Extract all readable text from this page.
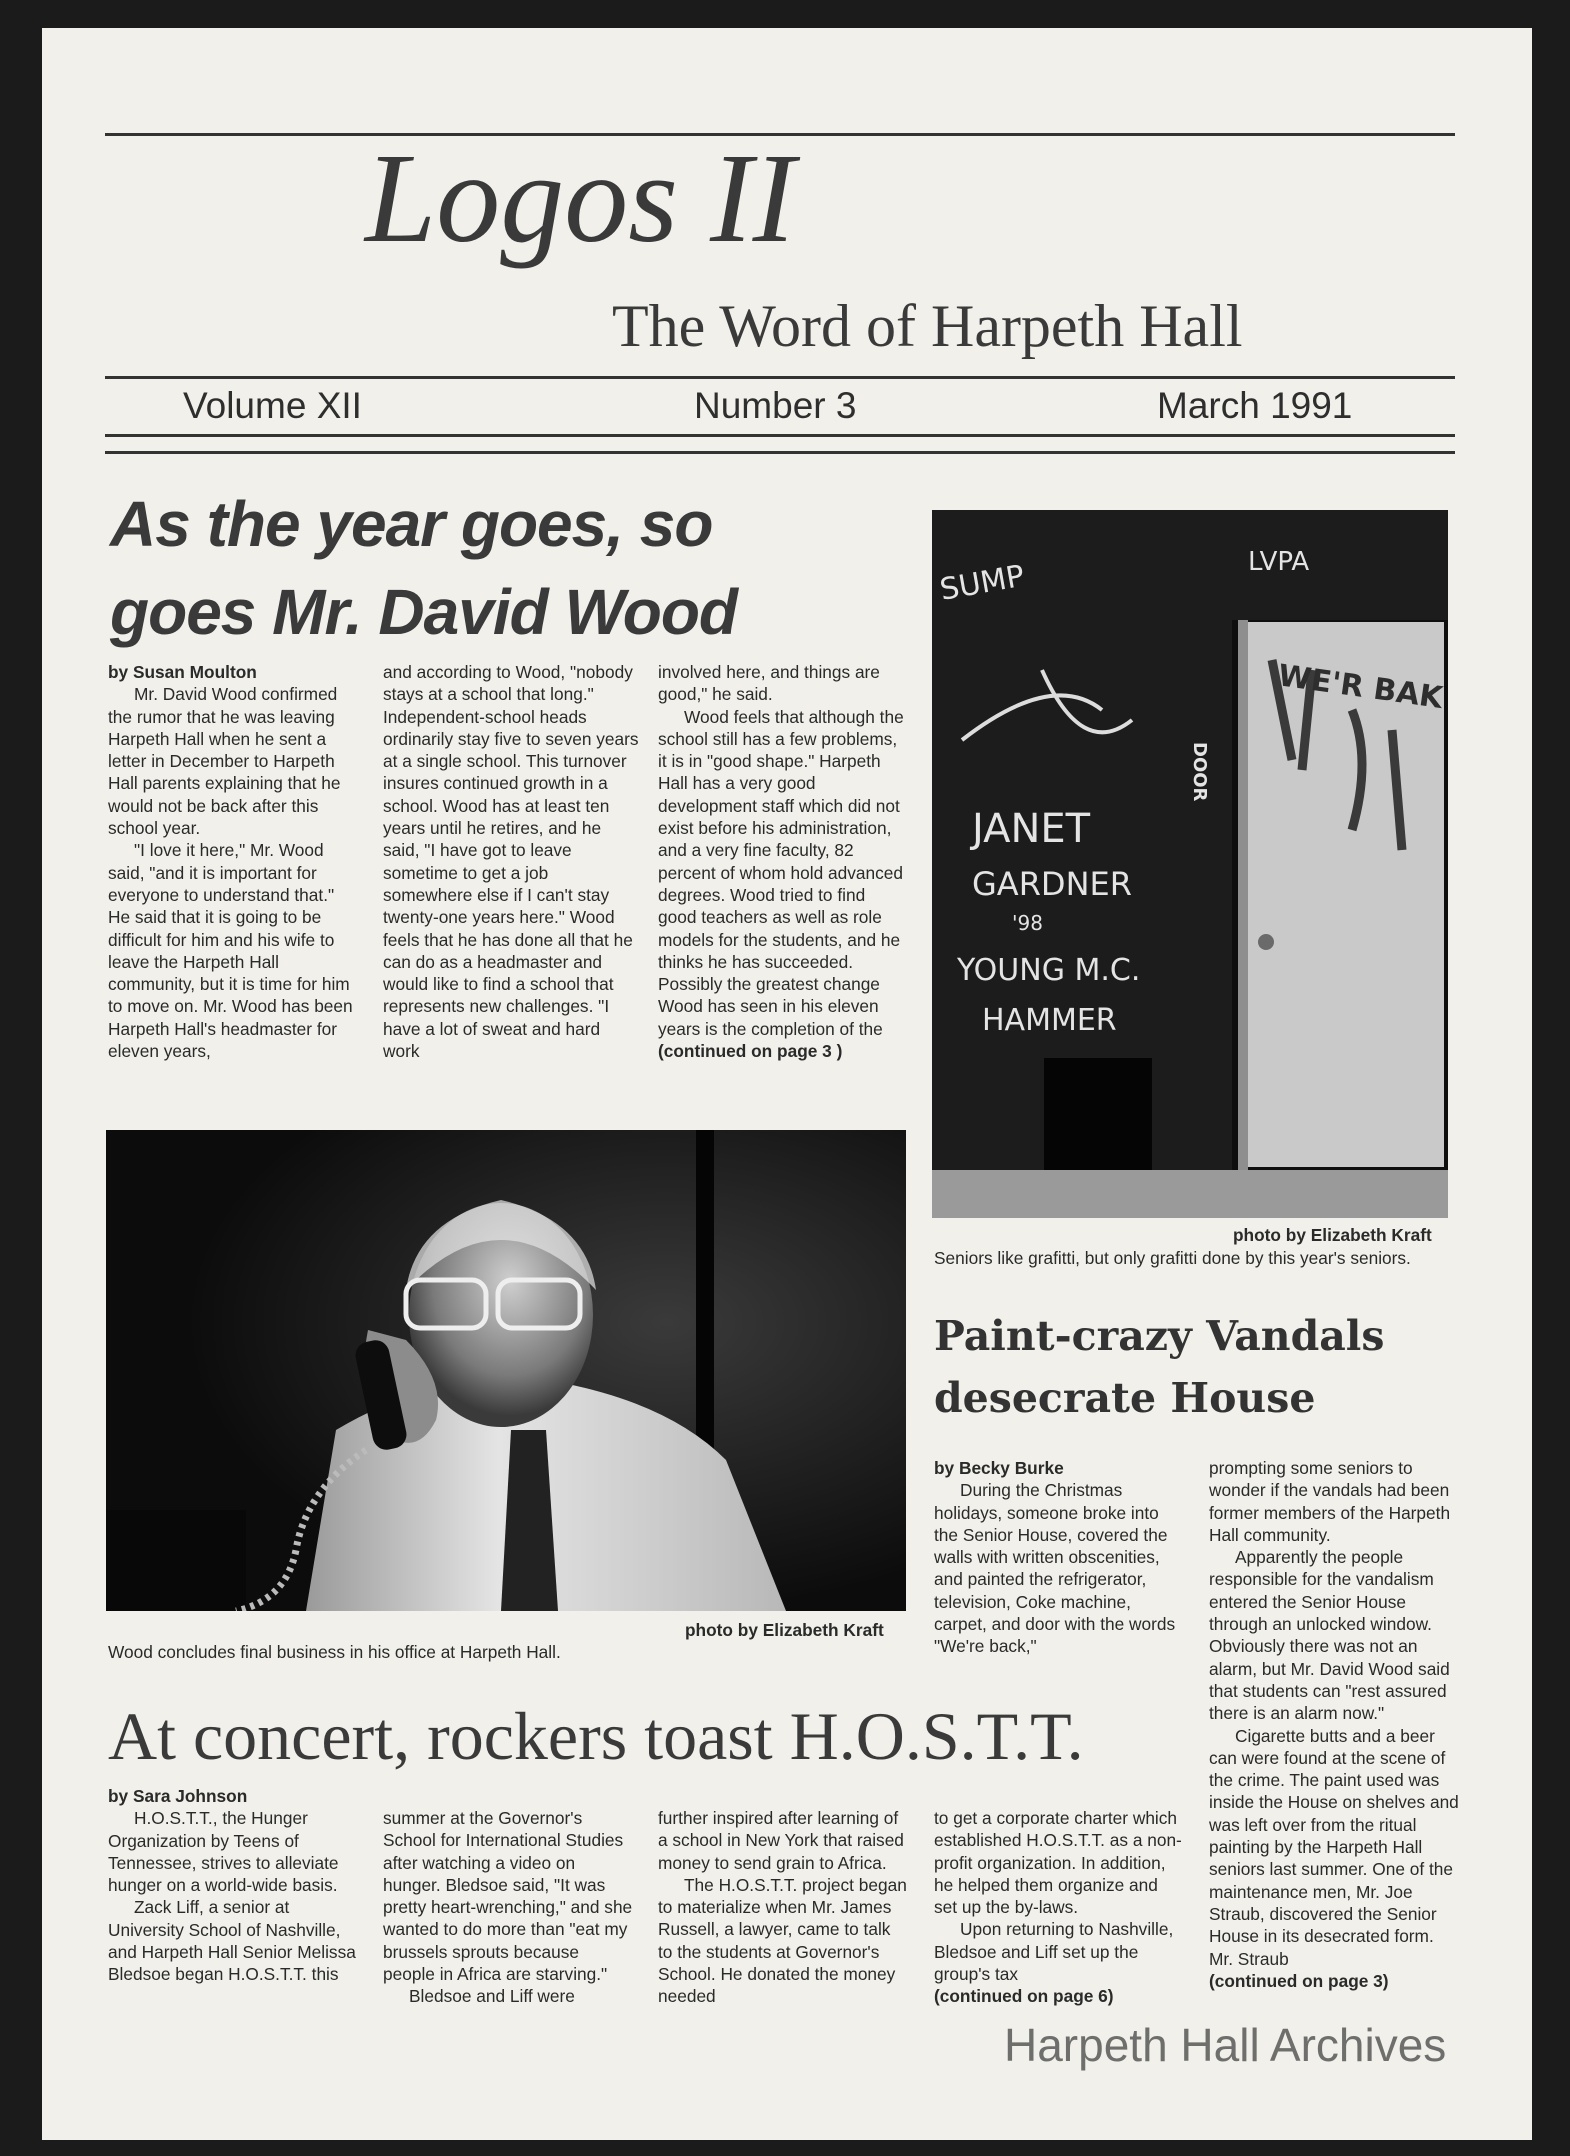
Logos II
The Word of Harpeth Hall
Volume XII	Number 3	March 1991
As the year goes, so
goes Mr. David Wood

by Susan Moulton

Mr. David Wood confirmed the rumor that he was leaving Harpeth Hall when he sent a letter in December to Harpeth Hall parents explaining that he would not be back after this school year.

"I love it here," Mr. Wood said, "and it is important for everyone to understand that." He said that it is going to be difficult for him and his wife to leave the Harpeth Hall community, but it is time for him to move on. Mr. Wood has been Harpeth Hall's headmaster for eleven years,

and according to Wood, "nobody stays at a school that long." Independent-school heads ordinarily stay five to seven years at a single school. This turnover insures continued growth in a school. Wood has at least ten years until he retires, and he said, "I have got to leave sometime to get a job somewhere else if I can't stay twenty-one years here." Wood feels that he has done all that he can do as a headmaster and would like to find a school that represents new challenges. "I have a lot of sweat and hard work

involved here, and things are good," he said.

Wood feels that although the school still has a few problems, it is in "good shape." Harpeth Hall has a very good development staff which did not exist before his administration, and a very fine faculty, 82 percent of whom hold advanced degrees. Wood tried to find good teachers as well as role models for the students, and he thinks he has succeeded. Possibly the greatest change Wood has seen in his eleven years is the completion of the

(continued on page 3 )

photo by Elizabeth Kraft
Wood concludes final business in his office at Harpeth Hall.
SUMP
JANET
GARDNER
'98
YOUNG M.C.
HAMMER
LVPA
WE'R BAK
DOOR
photo by Elizabeth Kraft
Seniors like grafitti, but only grafitti done by this year's seniors.
Paint-crazy Vandals
desecrate House

by Becky Burke

During the Christmas holidays, someone broke into the Senior House, covered the walls with written obscenities, and painted the refrigerator, television, Coke machine, carpet, and door with the words "We're back,"

prompting some seniors to wonder if the vandals had been former members of the Harpeth Hall community.

Apparently the people responsible for the vandalism entered the Senior House through an unlocked window. Obviously there was not an alarm, but Mr. David Wood said that students can "rest assured there is an alarm now."

Cigarette butts and a beer can were found at the scene of the crime. The paint used was inside the House on shelves and was left over from the ritual painting by the Harpeth Hall seniors last summer. One of the maintenance men, Mr. Joe Straub, discovered the Senior House in its desecrated form. Mr. Straub

(continued on page 3)

At concert, rockers toast H.O.S.T.T.

by Sara Johnson

H.O.S.T.T., the Hunger Organization by Teens of Tennessee, strives to alleviate hunger on a world-wide basis.

Zack Liff, a senior at University School of Nashville, and Harpeth Hall Senior Melissa Bledsoe began H.O.S.T.T. this

summer at the Governor's School for International Studies after watching a video on hunger. Bledsoe said, "It was pretty heart-wrenching," and she wanted to do more than "eat my brussels sprouts because people in Africa are starving."

Bledsoe and Liff were

further inspired after learning of a school in New York that raised money to send grain to Africa.

The H.O.S.T.T. project began to materialize when Mr. James Russell, a lawyer, came to talk to the students at Governor's School. He donated the money needed

to get a corporate charter which established H.O.S.T.T. as a non-profit organization. In addition, he helped them organize and set up the by-laws.

Upon returning to Nashville, Bledsoe and Liff set up the group's tax

(continued on page 6)

Harpeth Hall Archives
